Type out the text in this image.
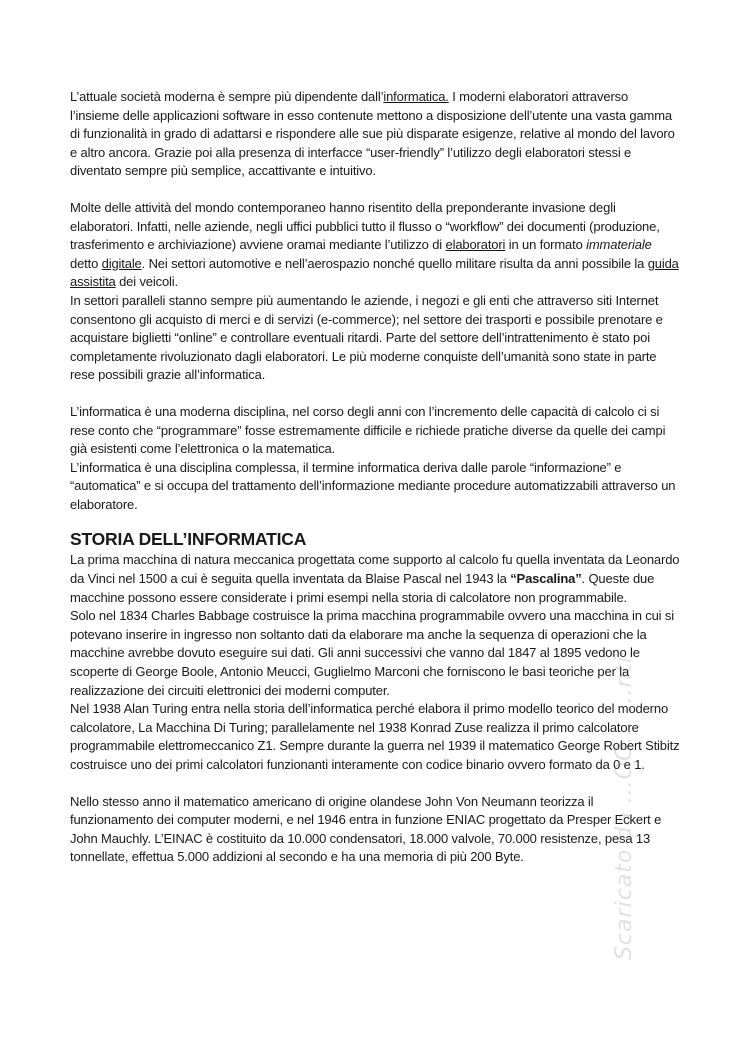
L’attuale società moderna è sempre più dipendente dall’informatica. I moderni elaboratori attraverso l’insieme delle applicazioni software in esso contenute mettono a disposizione dell’utente una vasta gamma di funzionalità in grado di adattarsi e rispondere alle sue più disparate esigenze, relative al mondo del lavoro e altro ancora. Grazie poi alla presenza di interfacce “user-friendly” l’utilizzo degli elaboratori stessi e diventato sempre più semplice, accattivante e intuitivo.

Molte delle attività del mondo contemporaneo hanno risentito della preponderante invasione degli elaboratori. Infatti, nelle aziende, negli uffici pubblici tutto il flusso o “workflow” dei documenti (produzione, trasferimento e archiviazione) avviene oramai mediante l’utilizzo di elaboratori in un formato immateriale detto digitale. Nei settori automotive e nell’aerospazio nonché quello militare risulta da anni possibile la guida assistita dei veicoli.

In settori paralleli stanno sempre più aumentando le aziende, i negozi e gli enti che attraverso siti Internet consentono gli acquisto di merci e di servizi (e-commerce); nel settore dei trasporti e possibile prenotare e acquistare biglietti “online” e controllare eventuali ritardi. Parte del settore dell’intrattenimento è stato poi completamente rivoluzionato dagli elaboratori. Le più moderne conquiste dell’umanità sono state in parte rese possibili grazie all’informatica.

L’informatica è una moderna disciplina, nel corso degli anni con l’incremento delle capacità di calcolo ci si rese conto che “programmare” fosse estremamente difficile e richiede pratiche diverse da quelle dei campi già esistenti come l’elettronica o la matematica.

L’informatica è una disciplina complessa, il termine informatica deriva dalle parole “informazione” e “automatica” e si occupa del trattamento dell’informazione mediante procedure automatizzabili attraverso un elaboratore.

STORIA DELL’INFORMATICA

La prima macchina di natura meccanica progettata come supporto al calcolo fu quella inventata da Leonardo da Vinci nel 1500 a cui è seguita quella inventata da Blaise Pascal nel 1943 la “Pascalina”. Queste due macchine possono essere considerate i primi esempi nella storia di calcolatore non programmabile.

Solo nel 1834 Charles Babbage costruisce la prima macchina programmabile ovvero una macchina in cui si potevano inserire in ingresso non soltanto dati da elaborare ma anche la sequenza di operazioni che la macchine avrebbe dovuto eseguire sui dati. Gli anni successivi che vanno dal 1847 al 1895 vedono le scoperte di George Boole, Antonio Meucci, Guglielmo Marconi che forniscono le basi teoriche per la realizzazione dei circuiti elettronici dei moderni computer.

Nel 1938 Alan Turing entra nella storia dell’informatica perché elabora il primo modello teorico del moderno calcolatore, La Macchina Di Turing; parallelamente nel 1938 Konrad Zuse realizza il primo calcolatore programmabile elettromeccanico Z1. Sempre durante la guerra nel 1939 il matematico George Robert Stibitz costruisce uno dei primi calcolatori funzionanti interamente con codice binario ovvero formato da 0 e 1.

Nello stesso anno il matematico americano di origine olandese John Von Neumann teorizza il funzionamento dei computer moderni, e nel 1946 entra in funzione ENIAC progettato da Presper Eckert e John Mauchly. L’EINAC è costituito da 10.000 condensatori, 18.000 valvole, 70.000 resistenze, pesa 13 tonnellate, effettua 5.000 addizioni al secondo e ha una memoria di più 200 Byte.	Scaricato da ...OO... ...nti
